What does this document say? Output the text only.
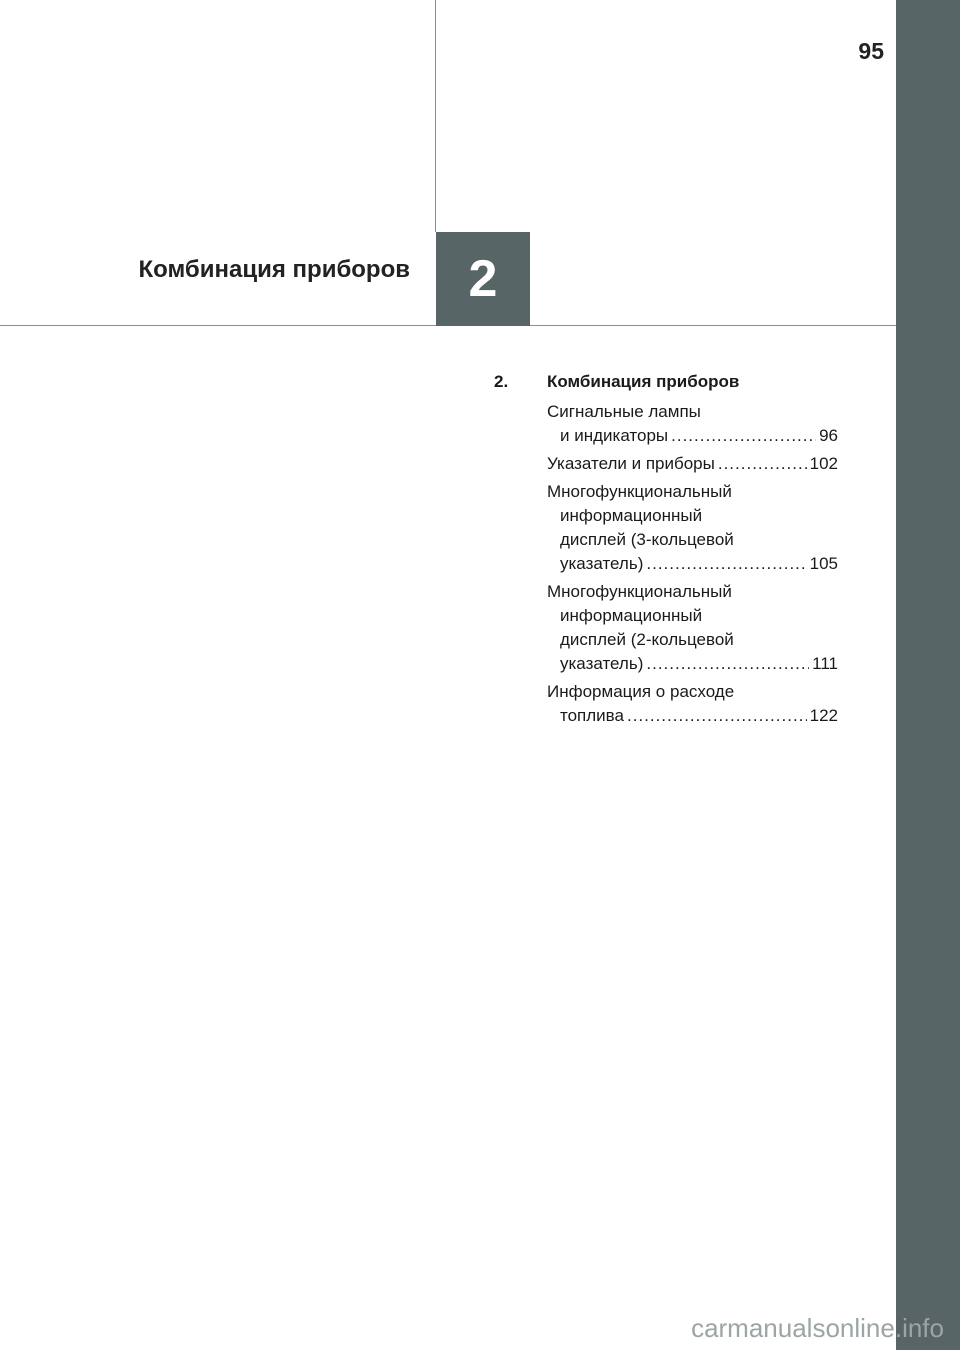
95
Комбинация приборов	2
2. Комбинация приборов
Сигнальные лампы
и индикаторы .....	96
Указатели и приборы .....	102
Многофункциональный
информационный
дисплей (3-кольцевой
указатель) .....	105
Многофункциональный
информационный
дисплей (2-кольцевой
указатель) .....	111
Информация о расходе
топлива .....	122
carmanualsonline.info
